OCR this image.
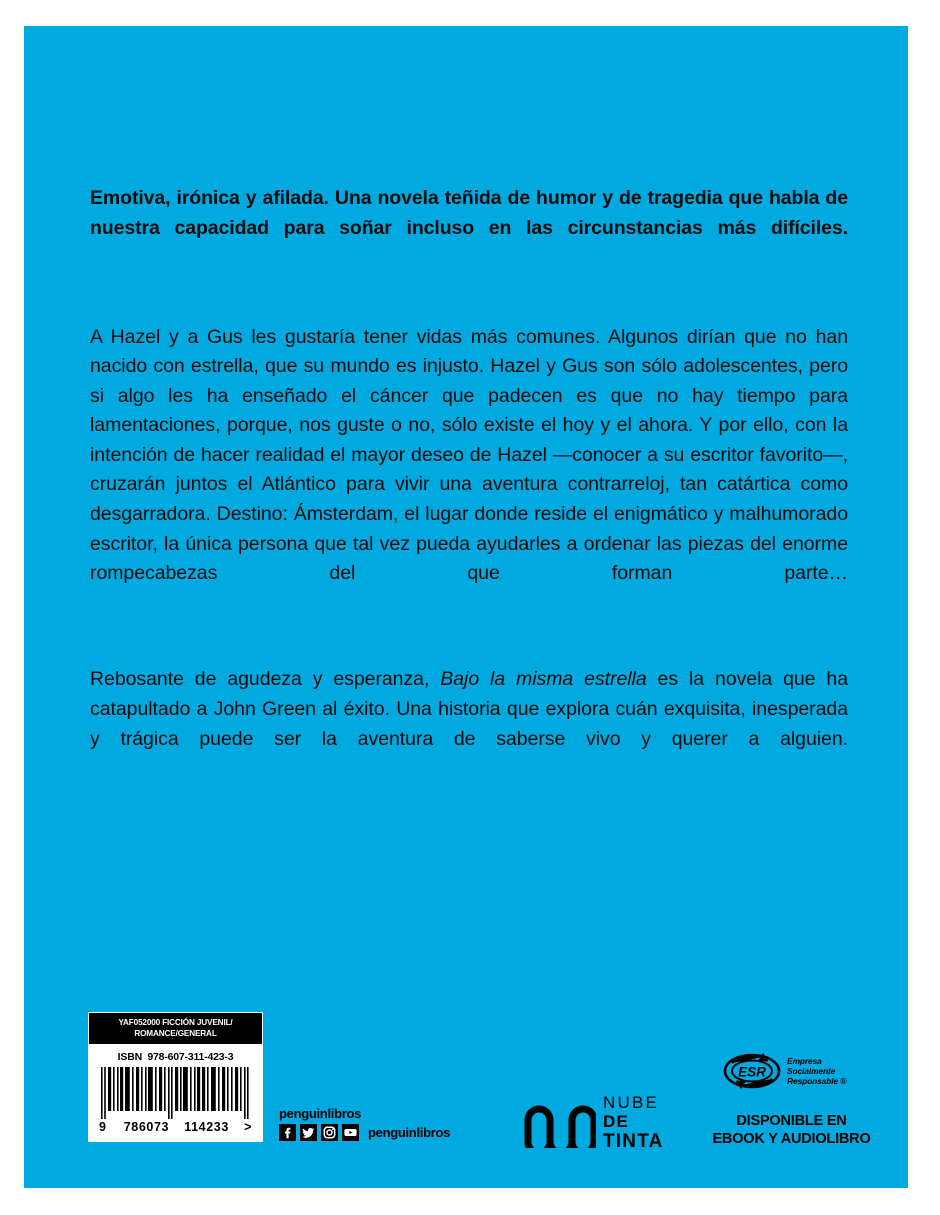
Emotiva, irónica y afilada. Una novela teñida de humor y de tragedia que habla de nuestra capacidad para soñar incluso en las circunstancias más difíciles.

A Hazel y a Gus les gustaría tener vidas más comunes. Algunos dirían que no han nacido con estrella, que su mundo es injusto. Hazel y Gus son sólo adolescentes, pero si algo les ha enseñado el cáncer que padecen es que no hay tiempo para lamentaciones, porque, nos guste o no, sólo existe el hoy y el ahora. Y por ello, con la intención de hacer realidad el mayor deseo de Hazel —conocer a su escritor favorito—, cruzarán juntos el Atlántico para vivir una aventura contrarreloj, tan catártica como desgarradora. Destino: Ámsterdam, el lugar donde reside el enigmático y malhumorado escritor, la única persona que tal vez pueda ayudarles a ordenar las piezas del enorme rompecabezas del que forman parte…

Rebosante de agudeza y esperanza, Bajo la misma estrella es la novela que ha catapultado a John Green al éxito. Una historia que explora cuán exquisita, inesperada y trágica puede ser la aventura de saberse vivo y querer a alguien.

YAF052000 FICCIÓN JUVENIL/
ROMANCE/GENERAL
ISBN 978-607-311-423-3
9 786073 114233 >
penguinlibros
penguinlibros
NUBE
DE
TINTA
ESR
Empresa
Socialmente
Responsable ®
DISPONIBLE EN
EBOOK Y AUDIOLIBRO
